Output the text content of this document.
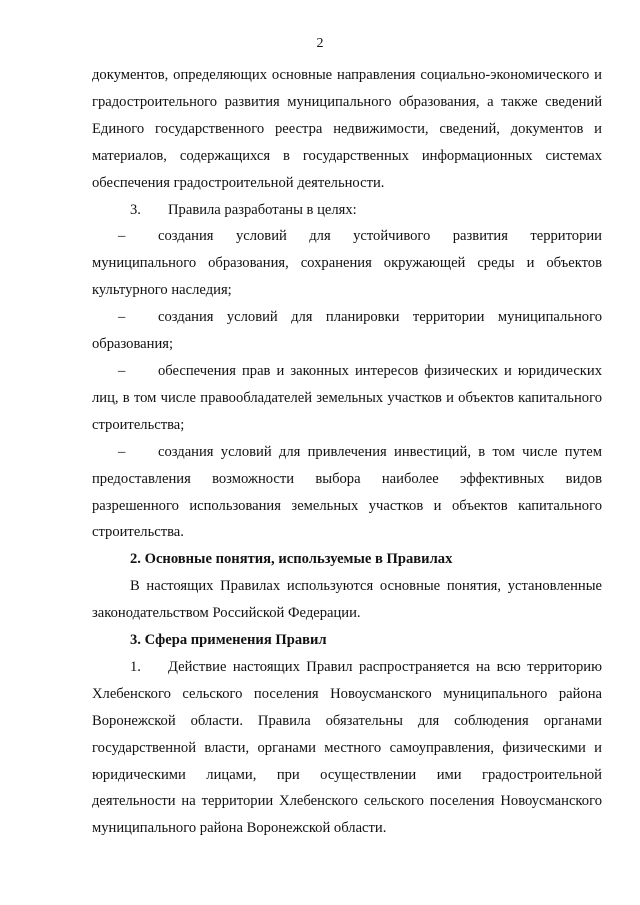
2

документов, определяющих основные направления социально-экономического и градостроительного развития муниципального образования, а также сведений Единого государственного реестра недвижимости, сведений, документов и материалов, содержащихся в государственных информационных системах обеспечения градостроительной деятельности.

3. Правила разработаны в целях:

– создания условий для устойчивого развития территории муниципального образования, сохранения окружающей среды и объектов культурного наследия;

– создания условий для планировки территории муниципального образования;

– обеспечения прав и законных интересов физических и юридических лиц, в том числе правообладателей земельных участков и объектов капитального строительства;

– создания условий для привлечения инвестиций, в том числе путем предоставления возможности выбора наиболее эффективных видов разрешенного использования земельных участков и объектов капитального строительства.

2. Основные понятия, используемые в Правилах

В настоящих Правилах используются основные понятия, установленные законодательством Российской Федерации.

3. Сфера применения Правил

1. Действие настоящих Правил распространяется на всю территорию Хлебенского сельского поселения Новоусманского муниципального района Воронежской области. Правила обязательны для соблюдения органами государственной власти, органами местного самоуправления, физическими и юридическими лицами, при осуществлении ими градостроительной деятельности на территории Хлебенского сельского поселения Новоусманского муниципального района Воронежской области.
